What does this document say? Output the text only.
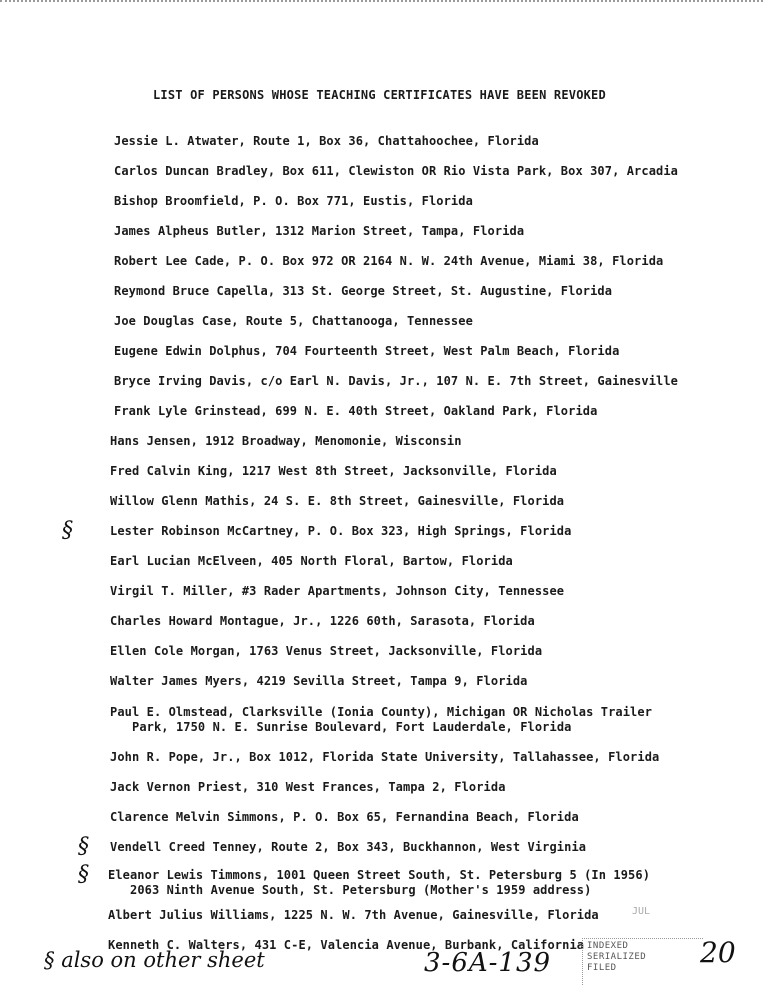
LIST OF PERSONS WHOSE TEACHING CERTIFICATES HAVE BEEN REVOKED
Jessie L. Atwater, Route 1, Box 36, Chattahoochee, Florida
Carlos Duncan Bradley, Box 611, Clewiston OR Rio Vista Park, Box 307, Arcadia
Bishop Broomfield, P. O. Box 771, Eustis, Florida
James Alpheus Butler, 1312 Marion Street, Tampa, Florida
Robert Lee Cade, P. O. Box 972 OR 2164 N. W. 24th Avenue, Miami 38, Florida
Reymond Bruce Capella, 313 St. George Street, St. Augustine, Florida
Joe Douglas Case, Route 5, Chattanooga, Tennessee
Eugene Edwin Dolphus, 704 Fourteenth Street, West Palm Beach, Florida
Bryce Irving Davis, c/o Earl N. Davis, Jr., 107 N. E. 7th Street, Gainesville
Frank Lyle Grinstead, 699 N. E. 40th Street, Oakland Park, Florida
Hans Jensen, 1912 Broadway, Menomonie, Wisconsin
Fred Calvin King, 1217 West 8th Street, Jacksonville, Florida
Willow Glenn Mathis, 24 S. E. 8th Street, Gainesville, Florida
Lester Robinson McCartney, P. O. Box 323, High Springs, Florida
§
Earl Lucian McElveen, 405 North Floral, Bartow, Florida
Virgil T. Miller, #3 Rader Apartments, Johnson City, Tennessee
Charles Howard Montague, Jr., 1226 60th, Sarasota, Florida
Ellen Cole Morgan, 1763 Venus Street, Jacksonville, Florida
Walter James Myers, 4219 Sevilla Street, Tampa 9, Florida
Paul E. Olmstead, Clarksville (Ionia County), Michigan OR Nicholas Trailer
Park, 1750 N. E. Sunrise Boulevard, Fort Lauderdale, Florida
John R. Pope, Jr., Box 1012, Florida State University, Tallahassee, Florida
Jack Vernon Priest, 310 West Frances, Tampa 2, Florida
Clarence Melvin Simmons, P. O. Box 65, Fernandina Beach, Florida
Vendell Creed Tenney, Route 2, Box 343, Buckhannon, West Virginia
§
Eleanor Lewis Timmons, 1001 Queen Street South, St. Petersburg 5 (In 1956)
2063 Ninth Avenue South, St. Petersburg (Mother's 1959 address)
§
Albert Julius Williams, 1225 N. W. 7th Avenue, Gainesville, Florida
Kenneth C. Walters, 431 C-E, Valencia Avenue, Burbank, California
§ also on other sheet	3-6A-139	20
JUL
INDEXED
SERIALIZED
FILED
